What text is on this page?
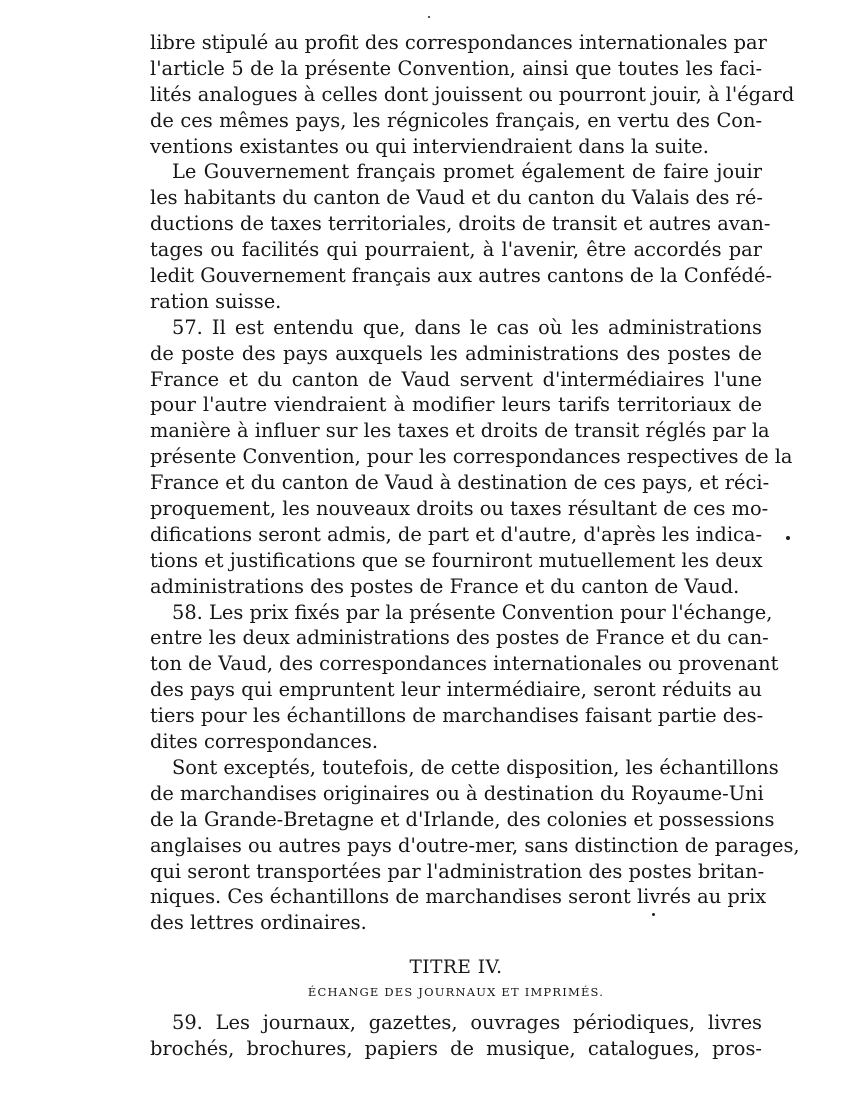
libre stipulé au profit des correspondances internationales par
l'article 5 de la présente Convention, ainsi que toutes les faci-
lités analogues à celles dont jouissent ou pourront jouir, à l'égard
de ces mêmes pays, les régnicoles français, en vertu des Con-
ventions existantes ou qui interviendraient dans la suite.
Le Gouvernement français promet également de faire jouir
les habitants du canton de Vaud et du canton du Valais des ré-
ductions de taxes territoriales, droits de transit et autres avan-
tages ou facilités qui pourraient, à l'avenir, être accordés par
ledit Gouvernement français aux autres cantons de la Confédé-
ration suisse.
57. Il est entendu que, dans le cas où les administrations
de poste des pays auxquels les administrations des postes de
France et du canton de Vaud servent d'intermédiaires l'une
pour l'autre viendraient à modifier leurs tarifs territoriaux de
manière à influer sur les taxes et droits de transit réglés par la
présente Convention, pour les correspondances respectives de la
France et du canton de Vaud à destination de ces pays, et réci-
proquement, les nouveaux droits ou taxes résultant de ces mo-
difications seront admis, de part et d'autre, d'après les indica-
tions et justifications que se fourniront mutuellement les deux
administrations des postes de France et du canton de Vaud.
58. Les prix fixés par la présente Convention pour l'échange,
entre les deux administrations des postes de France et du can-
ton de Vaud, des correspondances internationales ou provenant
des pays qui empruntent leur intermédiaire, seront réduits au
tiers pour les échantillons de marchandises faisant partie des-
dites correspondances.
Sont exceptés, toutefois, de cette disposition, les échantillons
de marchandises originaires ou à destination du Royaume-Uni
de la Grande-Bretagne et d'Irlande, des colonies et possessions
anglaises ou autres pays d'outre-mer, sans distinction de parages,
qui seront transportées par l'administration des postes britan-
niques. Ces échantillons de marchandises seront livrés au prix
des lettres ordinaires.
TITRE IV.
ÉCHANGE DES JOURNAUX ET IMPRIMÉS.
59. Les journaux, gazettes, ouvrages périodiques, livres
brochés, brochures, papiers de musique, catalogues, pros-
